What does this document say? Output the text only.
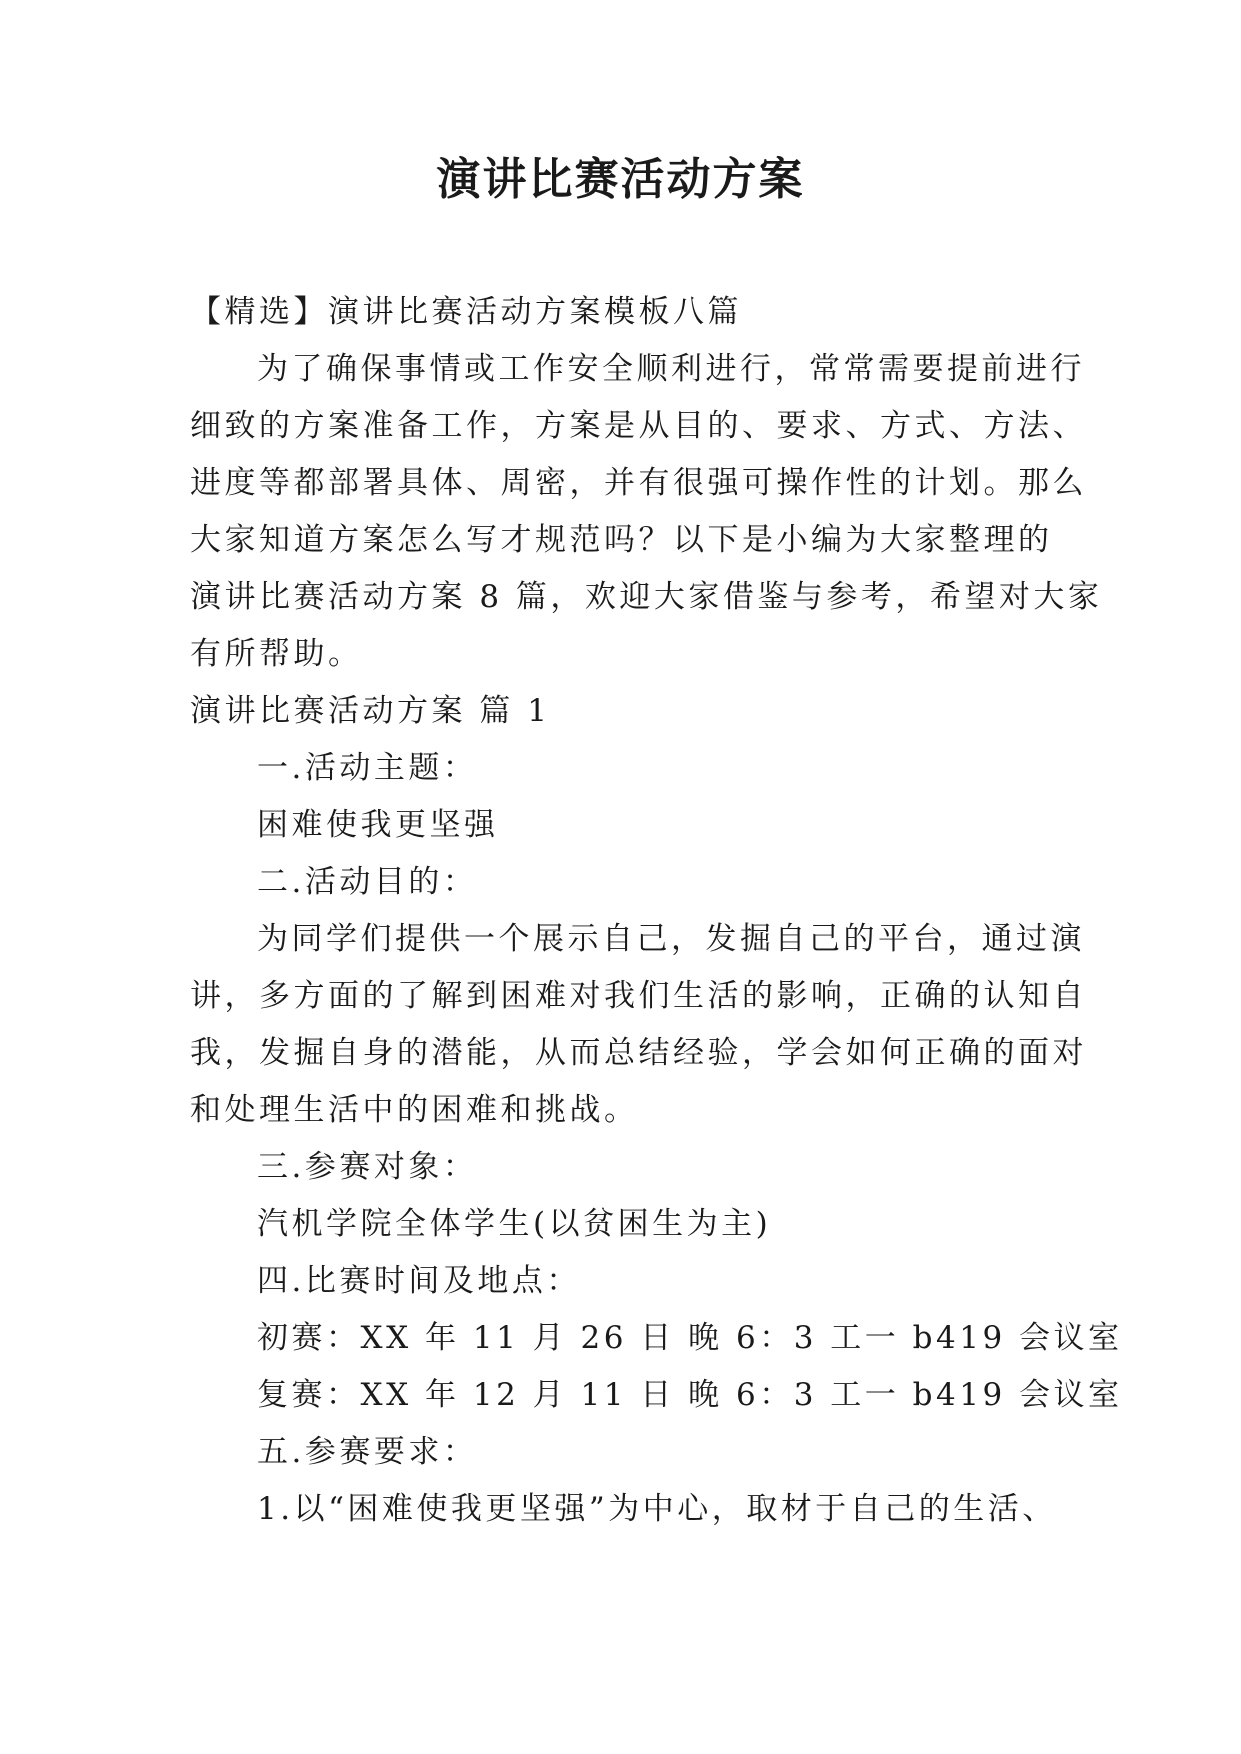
演讲比赛活动方案

【精选】演讲比赛活动方案模板八篇

为了确保事情或工作安全顺利进行，常常需要提前进行

细致的方案准备工作，方案是从目的、要求、方式、方法、

进度等都部署具体、周密，并有很强可操作性的计划。那么

大家知道方案怎么写才规范吗？以下是小编为大家整理的

演讲比赛活动方案 8 篇，欢迎大家借鉴与参考，希望对大家

有所帮助。

演讲比赛活动方案 篇 1

一.活动主题：

困难使我更坚强

二.活动目的：

为同学们提供一个展示自己，发掘自己的平台，通过演

讲，多方面的了解到困难对我们生活的影响，正确的认知自

我，发掘自身的潜能，从而总结经验，学会如何正确的面对

和处理生活中的困难和挑战。

三.参赛对象：

汽机学院全体学生(以贫困生为主)

四.比赛时间及地点：

初赛：XX 年 11 月 26 日 晚 6：3 工一 b419 会议室

复赛：XX 年 12 月 11 日 晚 6：3 工一 b419 会议室

五.参赛要求：

1.以“困难使我更坚强”为中心，取材于自己的生活、
